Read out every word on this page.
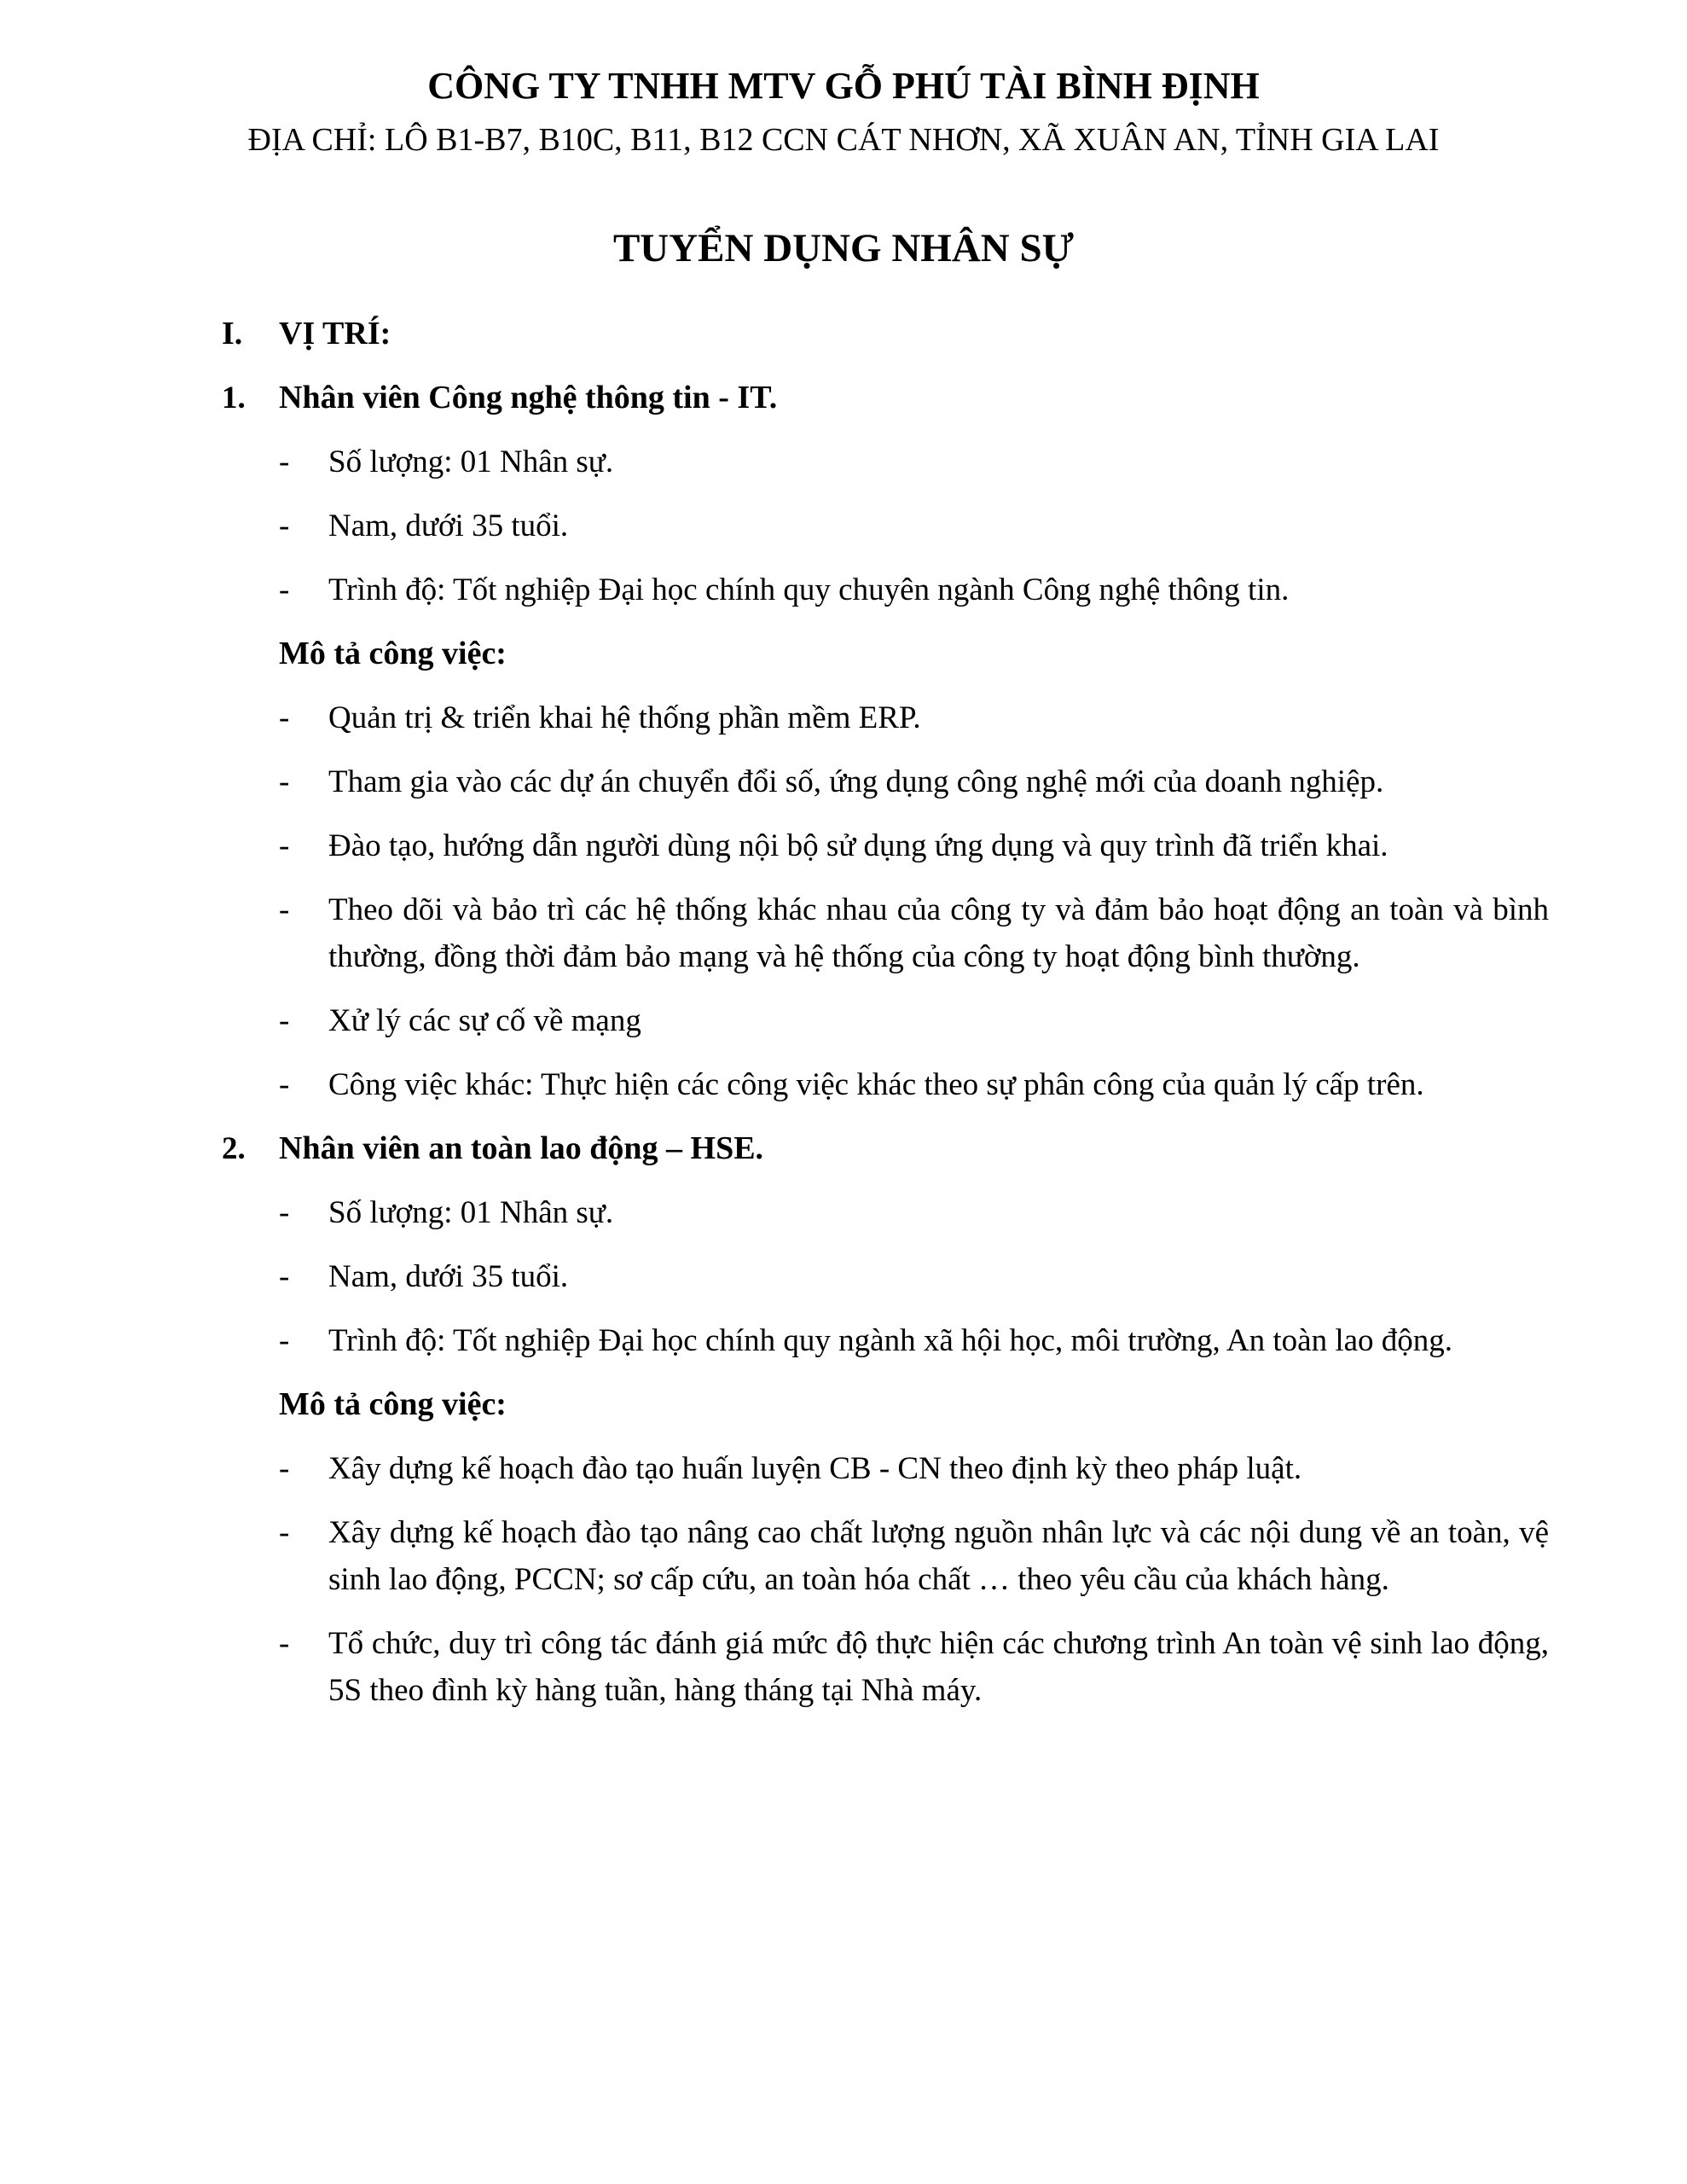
CÔNG TY TNHH MTV GỖ PHÚ TÀI BÌNH ĐỊNH
ĐỊA CHỈ: LÔ B1-B7, B10C, B11, B12 CCN CÁT NHƠN, XÃ XUÂN AN, TỈNH GIA LAI
TUYỂN DỤNG NHÂN SỰ
I.	VỊ TRÍ:
1.	Nhân viên Công nghệ thông tin - IT.
-	Số lượng: 01 Nhân sự.
-	Nam, dưới 35 tuổi.
-	Trình độ: Tốt nghiệp Đại học chính quy chuyên ngành Công nghệ thông tin.
Mô tả công việc:
-	Quản trị & triển khai hệ thống phần mềm ERP.
-	Tham gia vào các dự án chuyển đổi số, ứng dụng công nghệ mới của doanh nghiệp.
-	Đào tạo, hướng dẫn người dùng nội bộ sử dụng ứng dụng và quy trình đã triển khai.
-	Theo dõi và bảo trì các hệ thống khác nhau của công ty và đảm bảo hoạt động an toàn và bình thường, đồng thời đảm bảo mạng và hệ thống của công ty hoạt động bình thường.
-	Xử lý các sự cố về mạng
-	Công việc khác: Thực hiện các công việc khác theo sự phân công của quản lý cấp trên.
2.	Nhân viên an toàn lao động – HSE.
-	Số lượng: 01 Nhân sự.
-	Nam, dưới 35 tuổi.
-	Trình độ: Tốt nghiệp Đại học chính quy ngành xã hội học, môi trường, An toàn lao động.
Mô tả công việc:
-	Xây dựng kế hoạch đào tạo huấn luyện CB - CN theo định kỳ theo pháp luật.
-	Xây dựng kế hoạch đào tạo nâng cao chất lượng nguồn nhân lực và các nội dung về an toàn, vệ sinh lao động, PCCN; sơ cấp cứu, an toàn hóa chất … theo yêu cầu của khách hàng.
-	Tổ chức, duy trì công tác đánh giá mức độ thực hiện các chương trình An toàn vệ sinh lao động, 5S theo đình kỳ hàng tuần, hàng tháng tại Nhà máy.
